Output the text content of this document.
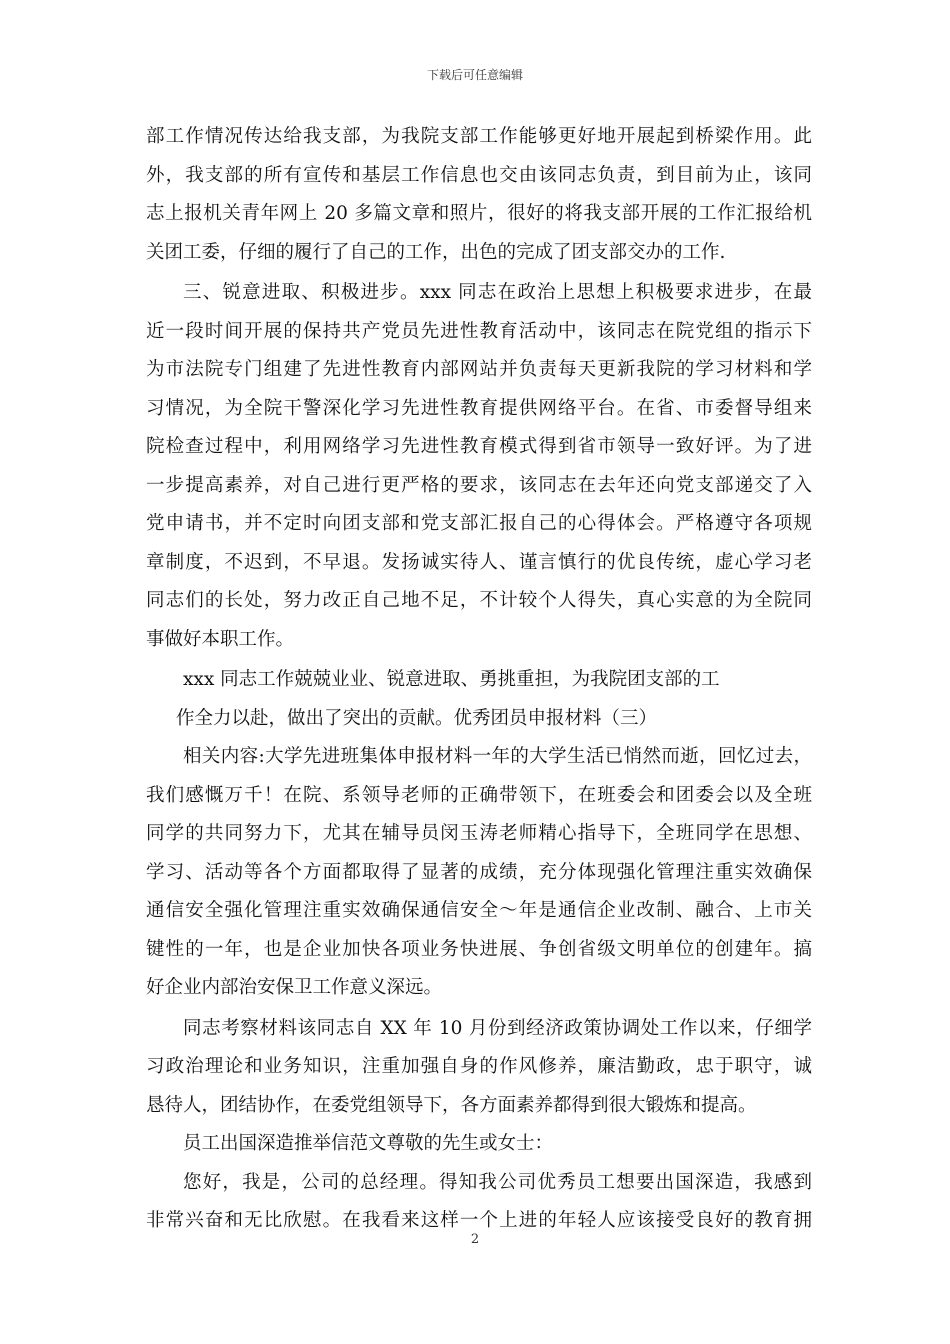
下载后可任意编辑
部工作情况传达给我支部，为我院支部工作能够更好地开展起到桥梁作用。此
外，我支部的所有宣传和基层工作信息也交由该同志负责，到目前为止，该同
志上报机关青年网上 20 多篇文章和照片，很好的将我支部开展的工作汇报给机
关团工委，仔细的履行了自己的工作，出色的完成了团支部交办的工作.
三、锐意进取、积极进步。xxx 同志在政治上思想上积极要求进步，在最
近一段时间开展的保持共产党员先进性教育活动中，该同志在院党组的指示下
为市法院专门组建了先进性教育内部网站并负责每天更新我院的学习材料和学
习情况，为全院干警深化学习先进性教育提供网络平台。在省、市委督导组来
院检查过程中，利用网络学习先进性教育模式得到省市领导一致好评。为了进
一步提高素养，对自己进行更严格的要求，该同志在去年还向党支部递交了入
党申请书，并不定时向团支部和党支部汇报自己的心得体会。严格遵守各项规
章制度，不迟到，不早退。发扬诚实待人、谨言慎行的优良传统，虚心学习老
同志们的长处，努力改正自己地不足，不计较个人得失，真心实意的为全院同
事做好本职工作。
xxx 同志工作兢兢业业、锐意进取、勇挑重担，为我院团支部的工
作全力以赴，做出了突出的贡献。优秀团员申报材料（三）
相关内容:大学先进班集体申报材料一年的大学生活已悄然而逝，回忆过去，
我们感慨万千！在院、系领导老师的正确带领下，在班委会和团委会以及全班
同学的共同努力下，尤其在辅导员闵玉涛老师精心指导下，全班同学在思想、
学习、活动等各个方面都取得了显著的成绩，充分体现强化管理注重实效确保
通信安全强化管理注重实效确保通信安全～年是通信企业改制、融合、上市关
键性的一年，也是企业加快各项业务快进展、争创省级文明单位的创建年。搞
好企业内部治安保卫工作意义深远。
同志考察材料该同志自 XX 年 10 月份到经济政策协调处工作以来，仔细学
习政治理论和业务知识，注重加强自身的作风修养，廉洁勤政，忠于职守，诚
恳待人，团结协作，在委党组领导下，各方面素养都得到很大锻炼和提高。
员工出国深造推举信范文尊敬的先生或女士：
您好，我是，公司的总经理。得知我公司优秀员工想要出国深造，我感到
非常兴奋和无比欣慰。在我看来这样一个上进的年轻人应该接受良好的教育拥
2
